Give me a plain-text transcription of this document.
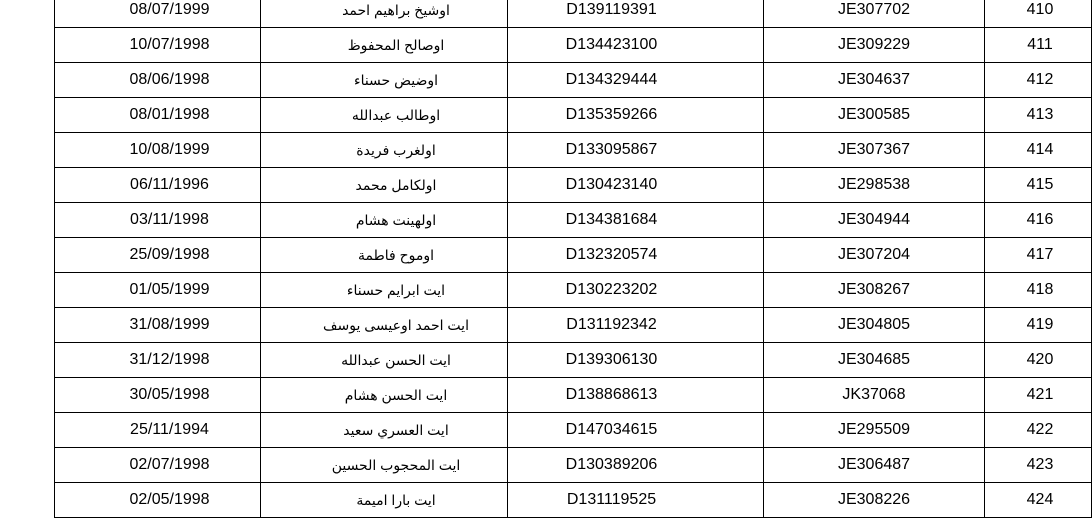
08/07/1999	اوشيخ براهيم احمد	D139119391	JE307702	410
10/07/1998	اوصالح المحفوظ	D134423100	JE309229	411
08/06/1998	اوضيض حسناء	D134329444	JE304637	412
08/01/1998	اوطالب عبدالله	D135359266	JE300585	413
10/08/1999	اولغرب فريدة	D133095867	JE307367	414
06/11/1996	اولكامل محمد	D130423140	JE298538	415
03/11/1998	اولهينت هشام	D134381684	JE304944	416
25/09/1998	اوموح فاطمة	D132320574	JE307204	417
01/05/1999	ايت ابرايم حسناء	D130223202	JE308267	418
31/08/1999	ايت احمد اوعيسى يوسف	D131192342	JE304805	419
31/12/1998	ايت الحسن عبدالله	D139306130	JE304685	420
30/05/1998	ايت الحسن هشام	D138868613	JK37068	421
25/11/1994	ايت العسري سعيد	D147034615	JE295509	422
02/07/1998	ايت المحجوب الحسين	D130389206	JE306487	423
02/05/1998	ايت بارا اميمة	D131119525	JE308226	424
